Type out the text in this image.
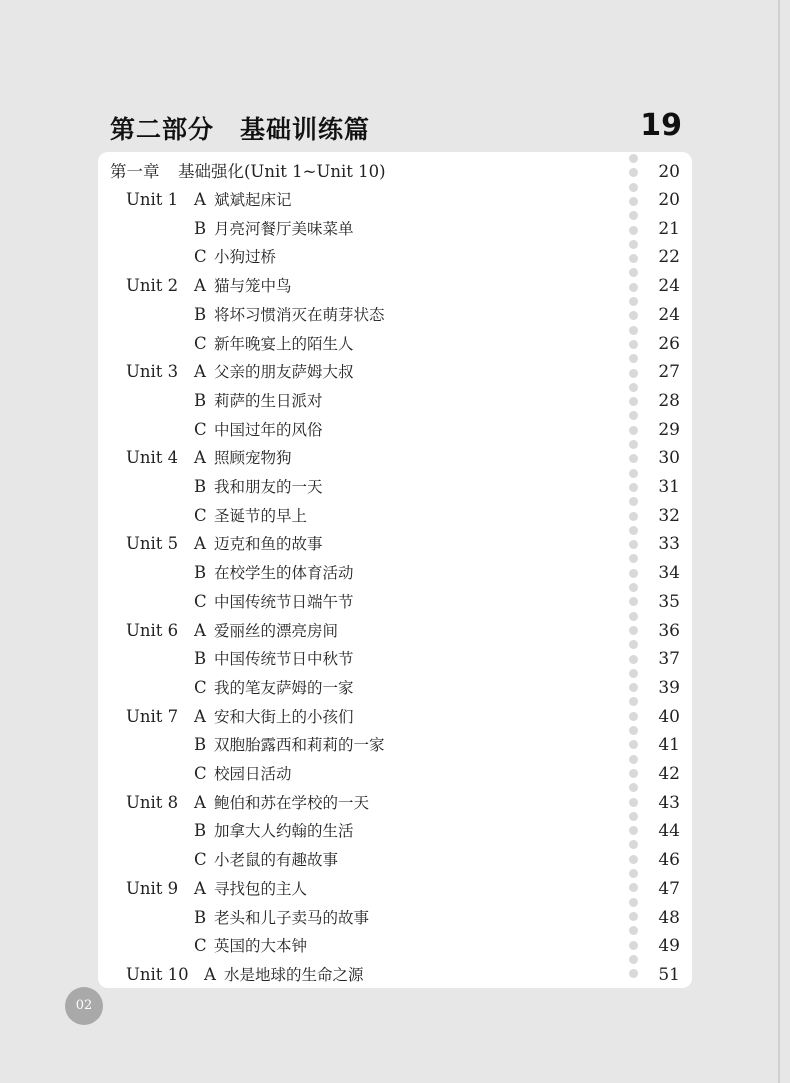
第二部分　基础训练篇	19
第一章 基础强化(Unit 1~Unit 10)	20
Unit 1 A 斌斌起床记	20
B 月亮河餐厅美味菜单	21
C 小狗过桥	22
Unit 2 A 猫与笼中鸟	24
B 将坏习惯消灭在萌芽状态	24
C 新年晚宴上的陌生人	26
Unit 3 A 父亲的朋友萨姆大叔	27
B 莉萨的生日派对	28
C 中国过年的风俗	29
Unit 4 A 照顾宠物狗	30
B 我和朋友的一天	31
C 圣诞节的早上	32
Unit 5 A 迈克和鱼的故事	33
B 在校学生的体育活动	34
C 中国传统节日端午节	35
Unit 6 A 爱丽丝的漂亮房间	36
B 中国传统节日中秋节	37
C 我的笔友萨姆的一家	39
Unit 7 A 安和大街上的小孩们	40
B 双胞胎露西和莉莉的一家	41
C 校园日活动	42
Unit 8 A 鲍伯和苏在学校的一天	43
B 加拿大人约翰的生活	44
C 小老鼠的有趣故事	46
Unit 9 A 寻找包的主人	47
B 老头和儿子卖马的故事	48
C 英国的大本钟	49
Unit 10 A 水是地球的生命之源	51
02
